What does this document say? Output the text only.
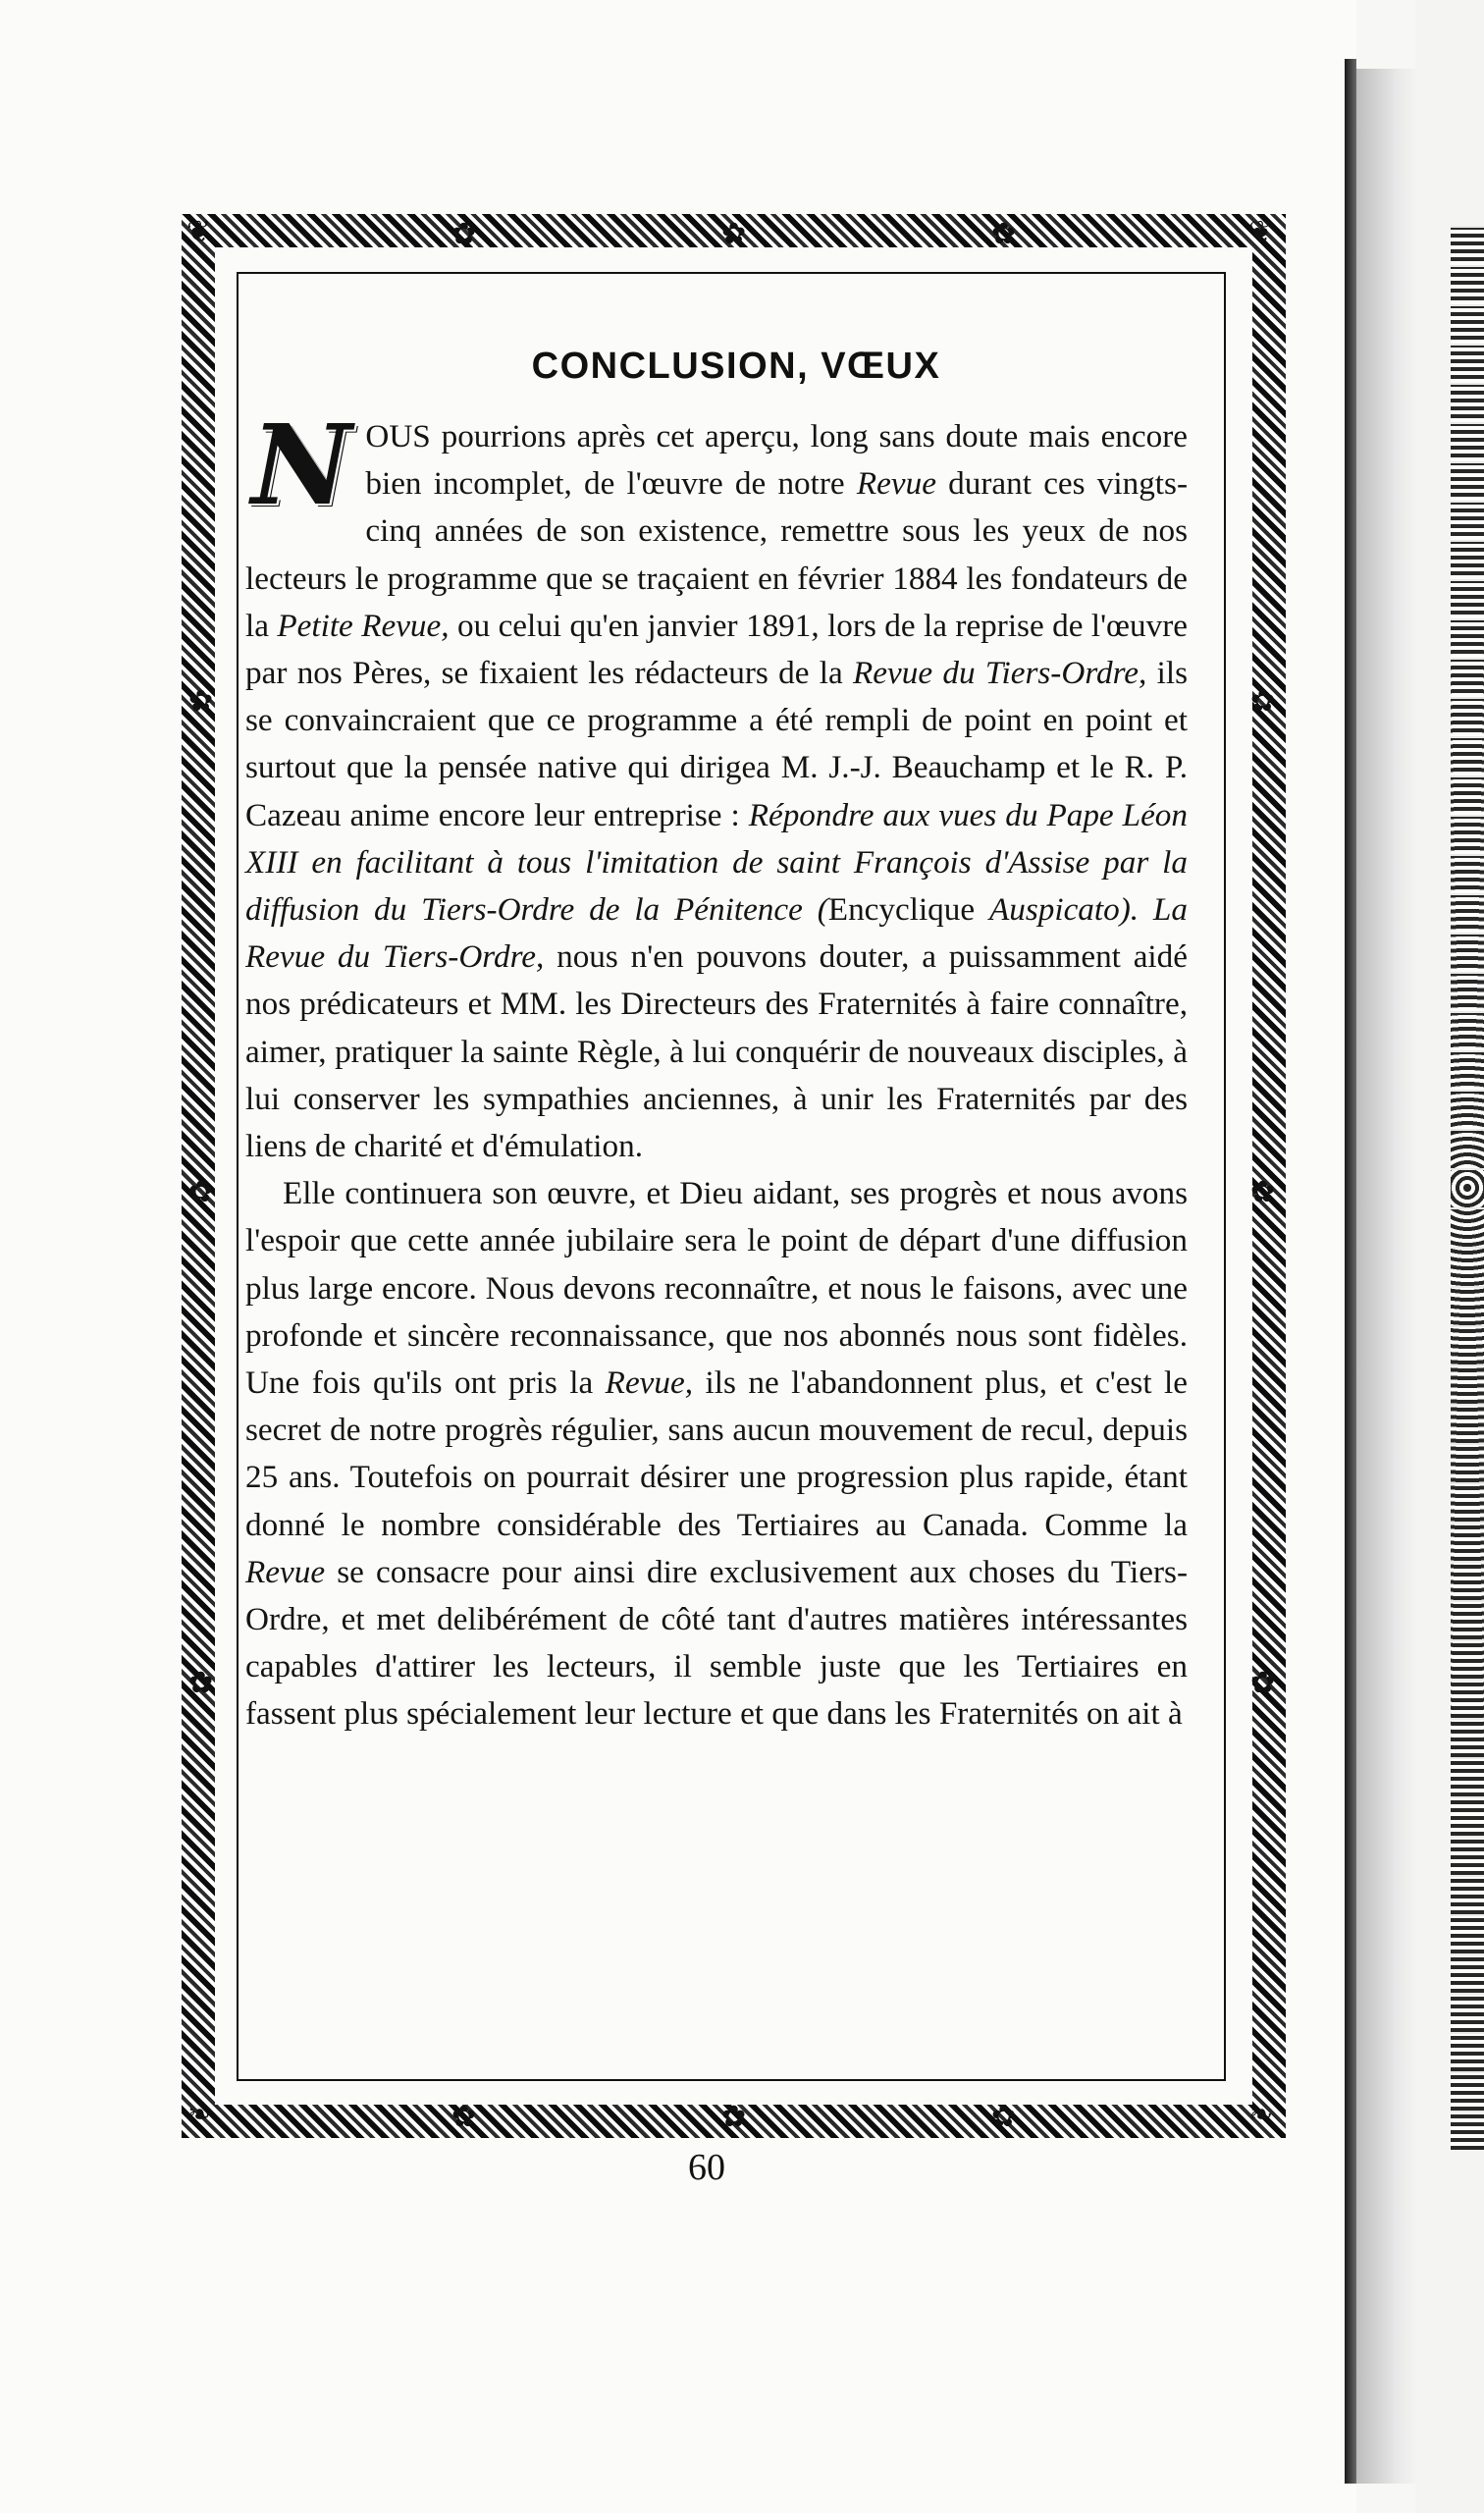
❦	❦
❧	❧
✿	✿	✿
✿	✿	✿
✿
✿
✿
✿
✿
✿
CONCLUSION, VŒUX
NOUS pourrions après cet aperçu, long sans doute mais encore bien incomplet, de l'œuvre de notre Revue durant ces vingts-cinq années de son existence, remettre sous les yeux de nos lecteurs le programme que se traçaient en février 1884 les fondateurs de la Petite Revue, ou celui qu'en janvier 1891, lors de la reprise de l'œuvre par nos Pères, se fixaient les rédacteurs de la Revue du Tiers-Ordre, ils se convaincraient que ce programme a été rempli de point en point et surtout que la pensée native qui dirigea M. J.-J. Beauchamp et le R. P. Cazeau anime encore leur entreprise : Répondre aux vues du Pape Léon XIII en facilitant à tous l'imitation de saint François d'Assise par la diffusion du Tiers-Ordre de la Pénitence (Encyclique Auspicato). La Revue du Tiers-Ordre, nous n'en pouvons douter, a puissamment aidé nos prédicateurs et MM. les Directeurs des Fraternités à faire connaître, aimer, pratiquer la sainte Règle, à lui conquérir de nouveaux disciples, à lui conserver les sympathies anciennes, à unir les Fraternités par des liens de charité et d'émulation.
Elle continuera son œuvre, et Dieu aidant, ses progrès et nous avons l'espoir que cette année jubilaire sera le point de départ d'une diffusion plus large encore. Nous devons reconnaître, et nous le faisons, avec une profonde et sincère reconnaissance, que nos abonnés nous sont fidèles. Une fois qu'ils ont pris la Revue, ils ne l'abandonnent plus, et c'est le secret de notre progrès régulier, sans aucun mouvement de recul, depuis 25 ans. Toutefois on pourrait désirer une progression plus rapide, étant donné le nombre considérable des Tertiaires au Canada. Comme la Revue se consacre pour ainsi dire exclusivement aux choses du Tiers-Ordre, et met delibérément de côté tant d'autres matières intéressantes capables d'attirer les lecteurs, il semble juste que les Tertiaires en fassent plus spécialement leur lecture et que dans les Fraternités on ait à
60
